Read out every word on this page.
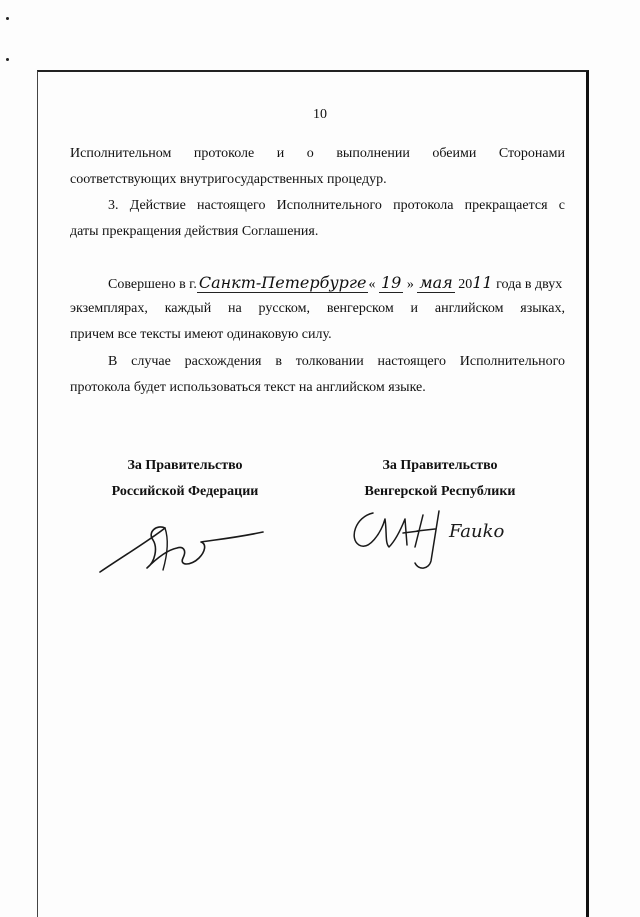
10

Исполнительном протоколе и о выполнении обеими Сторонами

соответствующих внутригосударственных процедур.

3. Действие настоящего Исполнительного протокола прекращается с

даты прекращения действия Соглашения.

Совершено в г. Санкт-Петербурге « 19 » мая 2011 года в двух

экземплярах, каждый на русском, венгерском и английском языках,

причем все тексты имеют одинаковую силу.

В случае расхождения в толковании настоящего Исполнительного

протокола будет использоваться текст на английском языке.

За Правительство
Российской Федерации
За Правительство
Венгерской Республики
Fauko
